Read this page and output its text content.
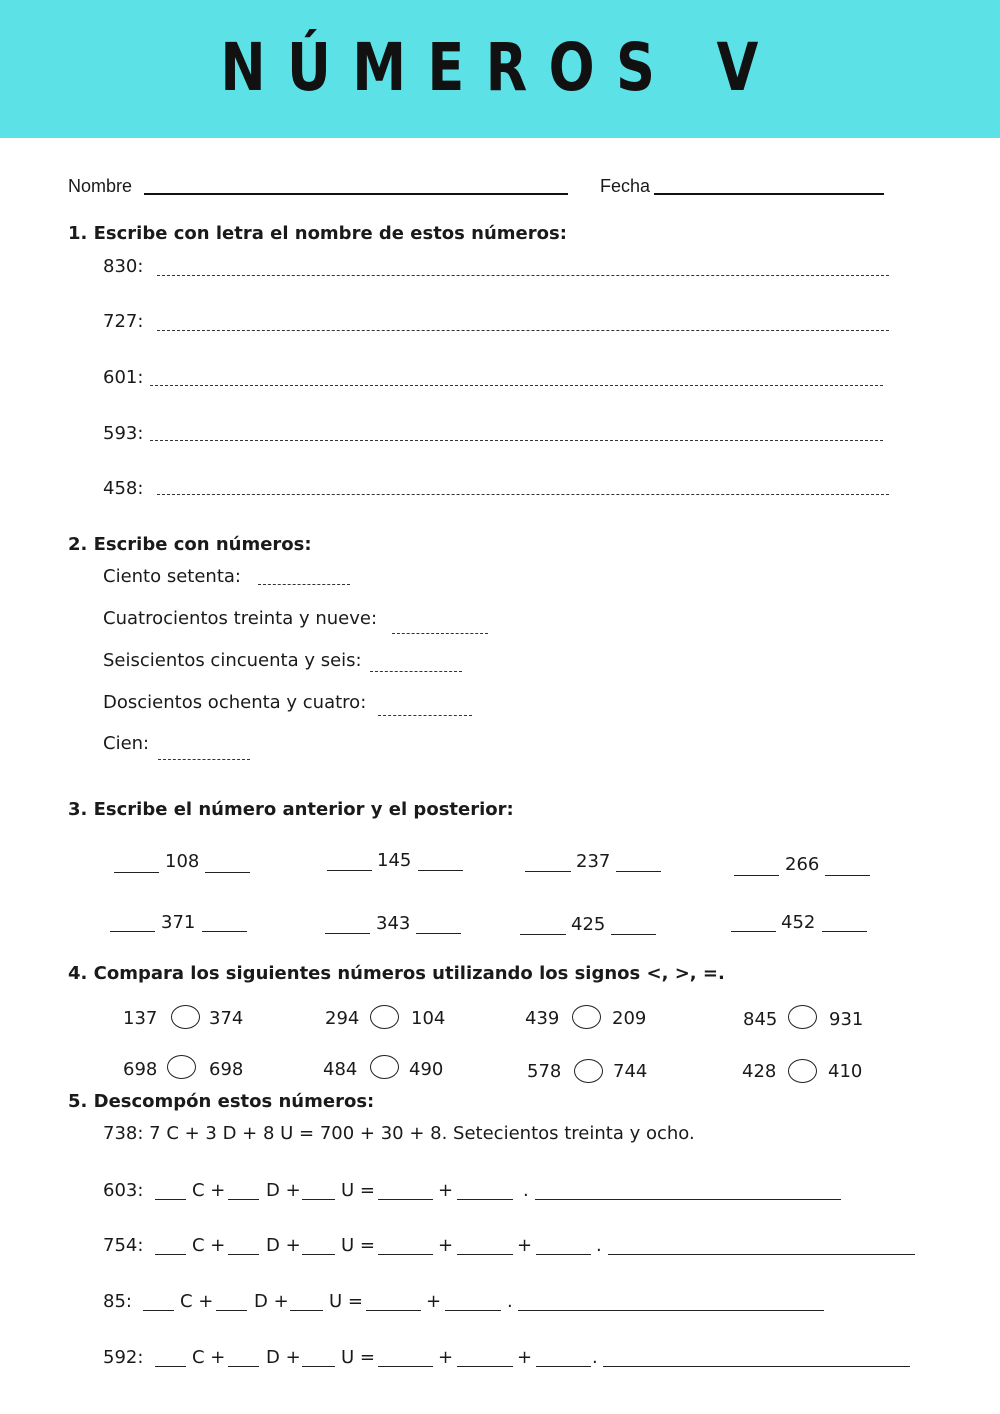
NÚMEROS V
Nombre	Fecha
1. Escribe con letra el nombre de estos números:
830:
727:
601:
593:
458:
2. Escribe con números:
Ciento setenta:
Cuatrocientos treinta y nueve:
Seiscientos cincuenta y seis:
Doscientos ochenta y cuatro:
Cien:
3. Escribe el número anterior y el posterior:
108	145	237	266
371	343	425	452
4. Compara los siguientes números utilizando los signos <, >, =.
137	374	294	104	439	209	845	931
698	698	484	490	578	744	428	410
5. Descompón estos números:
738: 7 C + 3 D + 8 U = 700 + 30 + 8. Setecientos treinta y ocho.
603:	C + D + U =	+	.
754:	C + D + U =	+	+	.
85:	C + D + U =	+	.
592:	C + D + U =	+	+	.
